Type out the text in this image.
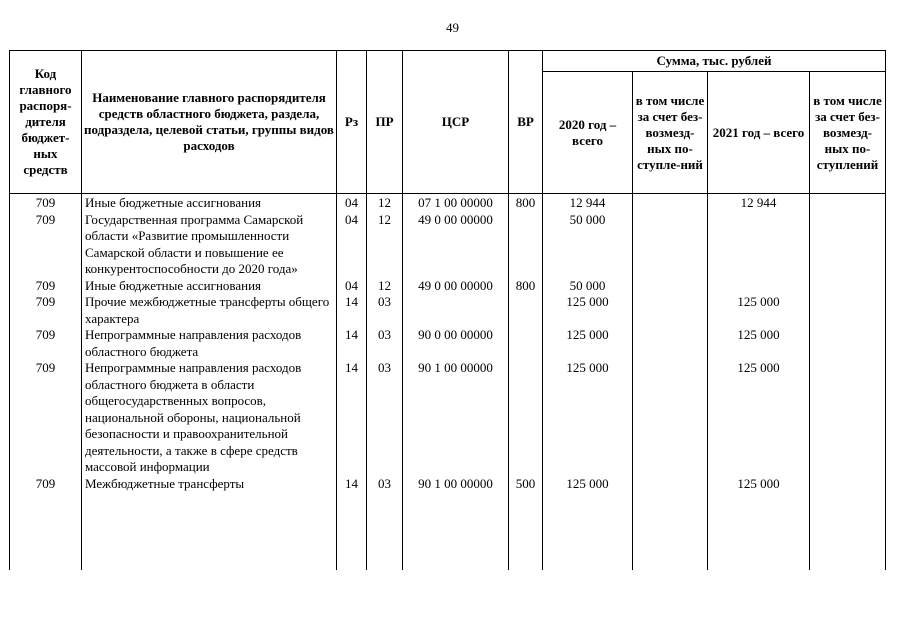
49
Код главного распоря-дителя бюджет-ных средств	Наименование главного распорядителя средств областного бюджета, раздела, подраздела, целевой статьи, группы видов расходов	Рз	ПР	ЦСР	ВР	Сумма, тыс. рублей			
						2020 год – всего	в том числе за счет без-возмезд-ных по-ступле-ний	2021 год – всего	в том числе за счет без-возмезд-ных по-ступлений
709	Иные бюджетные ассигнования	04	12	07 1 00 00000	800	12 944		12 944	
709	Государственная программа Самарской области «Развитие промышленности Самарской области и повышение ее конкурентоспособности до 2020 года»	04	12	49 0 00 00000		50 000			
709	Иные бюджетные ассигнования	04	12	49 0 00 00000	800	50 000			
709	Прочие межбюджетные трансферты общего характера	14	03			125 000		125 000	
709	Непрограммные направления расходов областного бюджета	14	03	90 0 00 00000		125 000		125 000	
709	Непрограммные направления расходов областного бюджета в области общегосударственных вопросов, национальной обороны, национальной безопасности и правоохранительной деятельности, а также в сфере средств массовой информации	14	03	90 1 00 00000		125 000		125 000	
709	Межбюджетные трансферты	14	03	90 1 00 00000	500	125 000		125 000	
